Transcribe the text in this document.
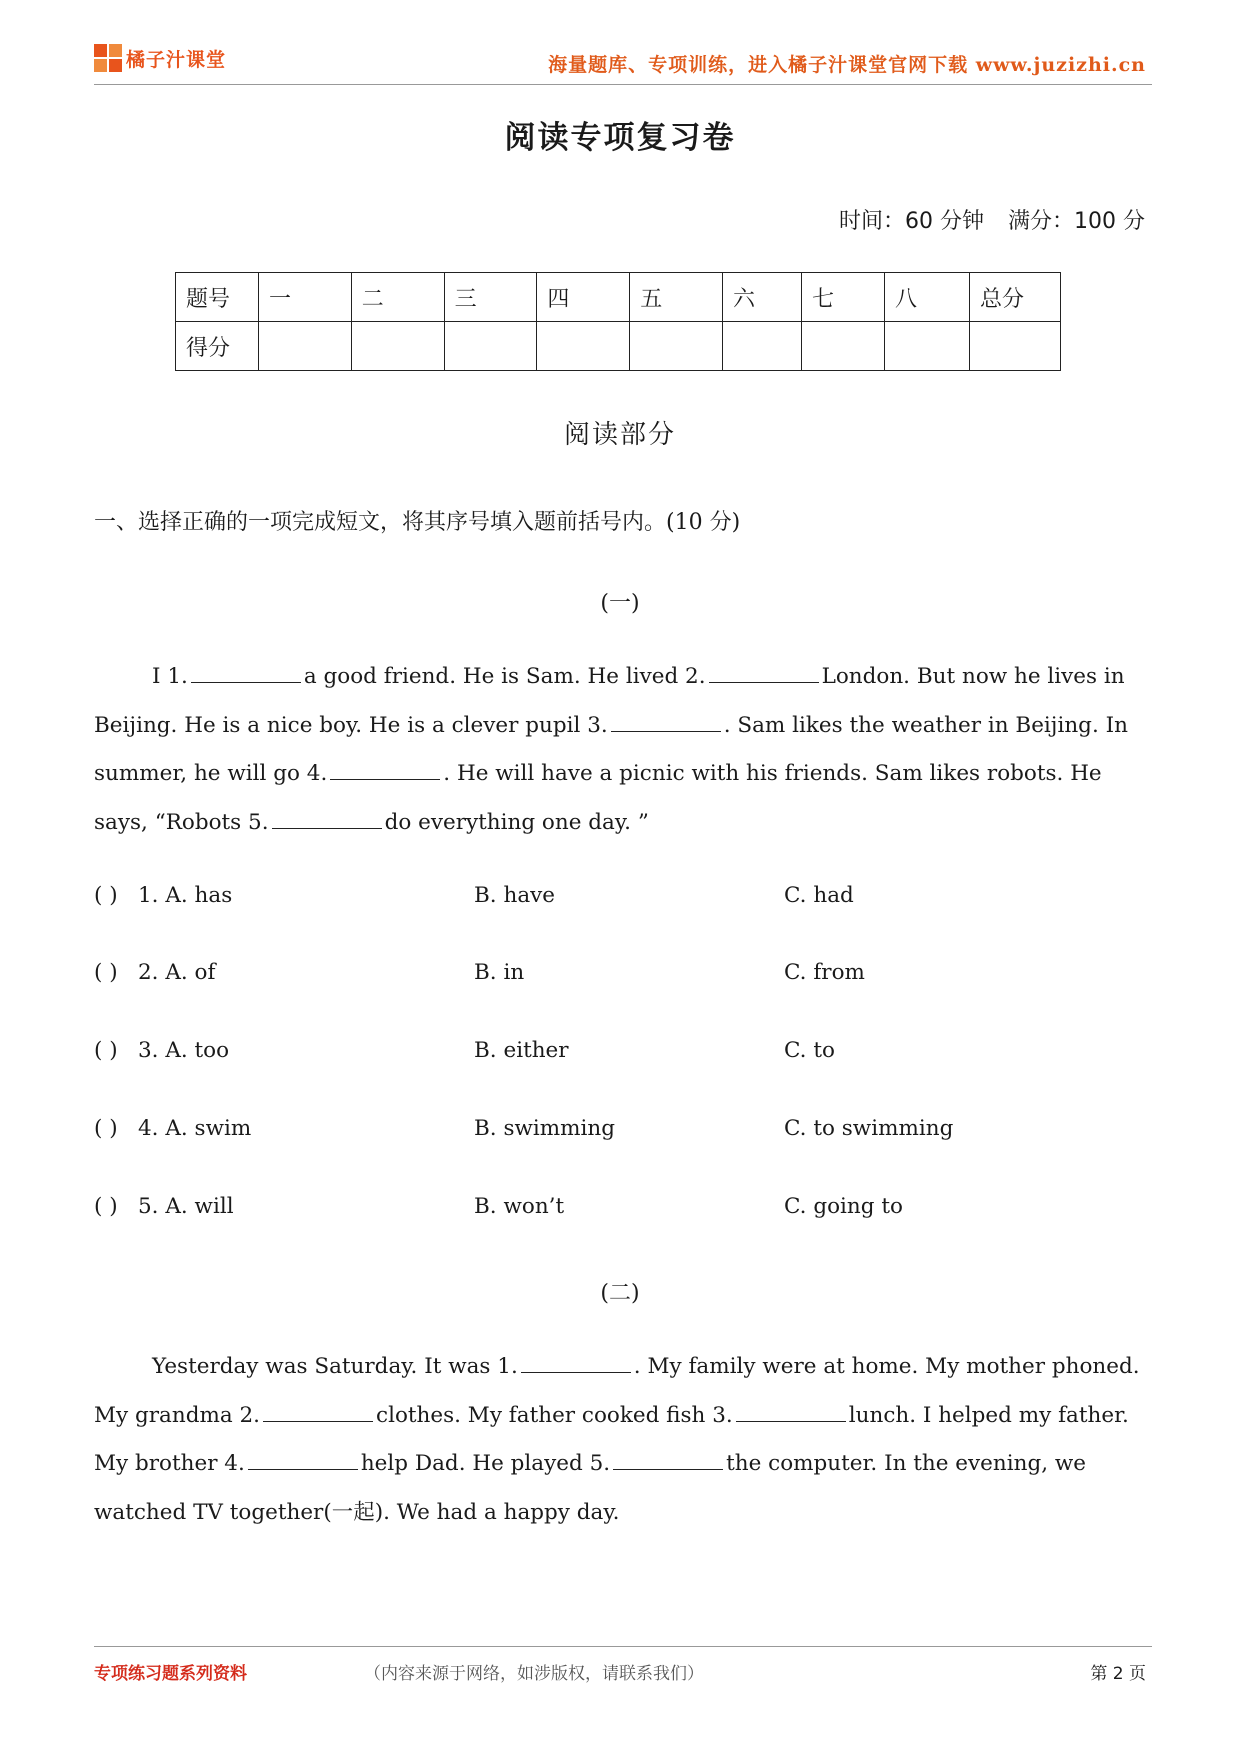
橘子汁课堂	海量题库、专项训练，进入橘子汁课堂官网下载 www.juzizhi.cn
阅读专项复习卷
时间：60 分钟 满分：100 分
题号	一	二	三	四	五	六	七	八	总分
得分									
阅读部分
一、选择正确的一项完成短文，将其序号填入题前括号内。(10 分)
(一)

I 1.	a good friend. He is Sam. He lived 2.	London. But now he lives in Beijing. He is a nice boy. He is a clever pupil 3.	. Sam likes the weather in Beijing. In summer, he will go 4.	. He will have a picnic with his friends. Sam likes robots. He says, “Robots 5.	do everything one day. ”

( ) 1. A. has	B. have	C. had
( ) 2. A. of	B. in	C. from
( ) 3. A. too	B. either	C. to
( ) 4. A. swim	B. swimming	C. to swimming
( ) 5. A. will	B. won’t	C. going to
(二)

Yesterday was Saturday. It was 1.	. My family were at home. My mother phoned. My grandma 2.	clothes. My father cooked fish 3.	lunch. I helped my father. My brother 4.	help Dad. He played 5.	the computer. In the evening, we watched TV together(一起). We had a happy day.

专项练习题系列资料	（内容来源于网络，如涉版权，请联系我们）	第 2 页
